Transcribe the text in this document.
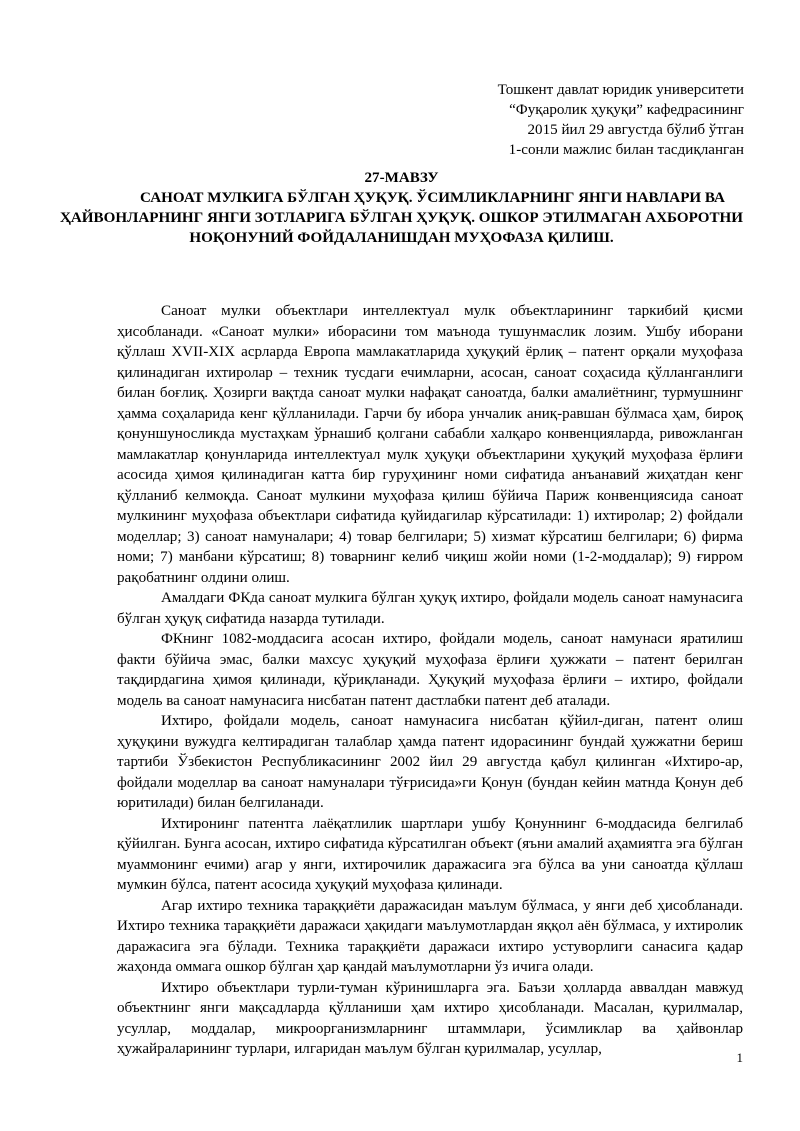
Тошкент давлат юридик университети
“Фуқаролик ҳуқуқи” кафедрасининг
2015 йил 29 августда бўлиб ўтган
1-сонли мажлис билан тасдиқланган
27-МАВЗУ
САНОАТ МУЛКИГА БЎЛГАН ҲУҚУҚ. ЎСИМЛИКЛАРНИНГ ЯНГИ НАВЛАРИ ВА ҲАЙВОНЛАРНИНГ ЯНГИ ЗОТЛАРИГА БЎЛГАН ҲУҚУҚ. ОШКОР ЭТИЛМАГАН АХБОРОТНИ НОҚОНУНИЙ ФОЙДАЛАНИШДАН МУҲОФАЗА ҚИЛИШ.

Саноат мулки объектлари интеллектуал мулк объектларининг таркибий қисми ҳисобланади. «Саноат мулки» иборасини том маънода тушунмаслик лозим. Ушбу иборани қўллаш XVII-XIX асрларда Европа мамлакатларида ҳуқуқий ёрлиқ – патент орқали муҳофаза қилинадиган ихтиролар – техник тусдаги ечимларни, асосан, саноат соҳасида қўлланганлиги билан боғлиқ. Ҳозирги вақтда саноат мулки нафақат саноатда, балки амалиётнинг, турмушнинг ҳамма соҳаларида кенг қўлланилади. Гарчи бу ибора унчалик аниқ-равшан бўлмаса ҳам, бироқ қонуншуносликда мустаҳкам ўрнашиб қолгани сабабли халқаро конвенцияларда, ривожланган мамлакатлар қонунларида интеллектуал мулк ҳуқуқи объектларини ҳуқуқий муҳофаза ёрлиғи асосида ҳимоя қилинадиган катта бир гуруҳининг номи сифатида анъанавий жиҳатдан кенг қўлланиб келмоқда. Саноат мулкини муҳофаза қилиш бўйича Париж конвенциясида саноат мулкининг муҳофаза объектлари сифатида қуйидагилар кўрсатилади: 1) ихтиролар; 2) фойдали моделлар; 3) саноат намуналари; 4) товар белгилари; 5) хизмат кўрсатиш белгилари; 6) фирма номи; 7) манбани кўрсатиш; 8) товарнинг келиб чиқиш жойи номи (1-2-моддалар); 9) ғирром рақобатнинг олдини олиш.

Амалдаги ФКда саноат мулкига бўлган ҳуқуқ ихтиро, фойдали модель саноат намунасига бўлган ҳуқуқ сифатида назарда тутилади.

ФКнинг 1082-моддасига асосан ихтиро, фойдали модель, саноат намунаси яратилиш факти бўйича эмас, балки махсус ҳуқуқий муҳофаза ёрлиғи ҳужжати – патент берилган тақдирдагина ҳимоя қилинади, қўриқланади. Ҳуқуқий муҳофаза ёрлиғи – ихтиро, фойдали модель ва саноат намунасига нисбатан патент дастлабки патент деб аталади.

Ихтиро, фойдали модель, саноат намунасига нисбатан қўйил-диган, патент олиш ҳуқуқини вужудга келтирадиган талаблар ҳамда патент идорасининг бундай ҳужжатни бериш тартиби Ўзбекистон Республикасининг 2002 йил 29 августда қабул қилинган «Ихтиро-ар, фойдали моделлар ва саноат намуналари тўғрисида»ги Қонун (бундан кейин матнда Қонун деб юритилади) билан белгиланади.

Ихтиронинг патентга лаёқатлилик шартлари ушбу Қонуннинг 6-моддасида белгилаб қўйилган. Бунга асосан, ихтиро сифатида кўрсатилган объект (яъни амалий аҳамиятга эга бўлган муаммонинг ечими) агар у янги, ихтирочилик даражасига эга бўлса ва уни саноатда қўллаш мумкин бўлса, патент асосида ҳуқуқий муҳофаза қилинади.

Агар ихтиро техника тараққиёти даражасидан маълум бўлмаса, у янги деб ҳисобланади. Ихтиро техника тараққиёти даражаси ҳақидаги маълумотлардан яққол аён бўлмаса, у ихтиролик даражасига эга бўлади. Техника тараққиёти даражаси ихтиро устуворлиги санасига қадар жаҳонда оммага ошкор бўлган ҳар қандай маълумотларни ўз ичига олади.

Ихтиро объектлари турли-туман кўринишларга эга. Баъзи ҳолларда аввалдан мавжуд объектнинг янги мақсадларда қўлланиши ҳам ихтиро ҳисобланади. Масалан, қурилмалар, усуллар, моддалар, микроорганизмларнинг штаммлари, ўсимликлар ва ҳайвонлар ҳужайраларининг турлари, илгаридан маълум бўлган қурилмалар, усуллар,

1
